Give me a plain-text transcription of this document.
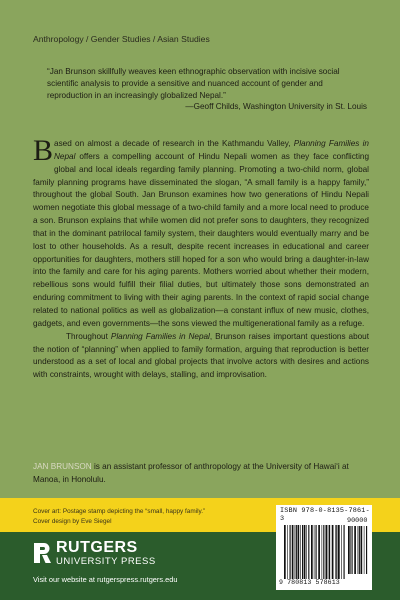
Anthropology / Gender Studies / Asian Studies
“Jan Brunson skillfully weaves keen ethnographic observation with incisive social scientific analysis to provide a sensitive and nuanced account of gender and reproduction in an increasingly globalized Nepal.”
—Geoff Childs, Washington University in St. Louis

Based on almost a decade of research in the Kathmandu Valley, Planning Families in Nepal offers a compelling account of Hindu Nepali women as they face conflicting global and local ideals regarding family planning. Promoting a two-child norm, global family planning programs have disseminated the slogan, “A small family is a happy family,” throughout the global South. Jan Brunson examines how two generations of Hindu Nepali women negotiate this global message of a two-child family and a more local need to produce a son. Brunson explains that while women did not prefer sons to daughters, they recognized that in the dominant patrilocal family system, their daughters would eventually marry and be lost to other households. As a result, despite recent increases in educational and career opportunities for daughters, mothers still hoped for a son who would bring a daughter-in-law into the family and care for his aging parents. Mothers worried about whether their modern, rebellious sons would fulfill their filial duties, but ultimately those sons demonstrated an enduring commitment to living with their aging parents. In the context of rapid social change related to national politics as well as globalization—a constant influx of new music, clothes, gadgets, and even governments—the sons viewed the multigenerational family as a refuge.

Throughout Planning Families in Nepal, Brunson raises important questions about the notion of “planning” when applied to family formation, arguing that reproduction is better understood as a set of local and global projects that involve actors with desires and actions with constraints, wrought with delays, stalling, and improvisation.

JAN BRUNSON is an assistant professor of anthropology at the University of Hawai‘i at Manoa, in Honolulu.
Cover art: Postage stamp depicting the “small, happy family.”
Cover design by Eve Siegel
RUTGERS
UNIVERSITY PRESS
Visit our website at rutgerspress.rutgers.edu
ISBN 978-0-8135-7861-3	90000
9 780813 578613
